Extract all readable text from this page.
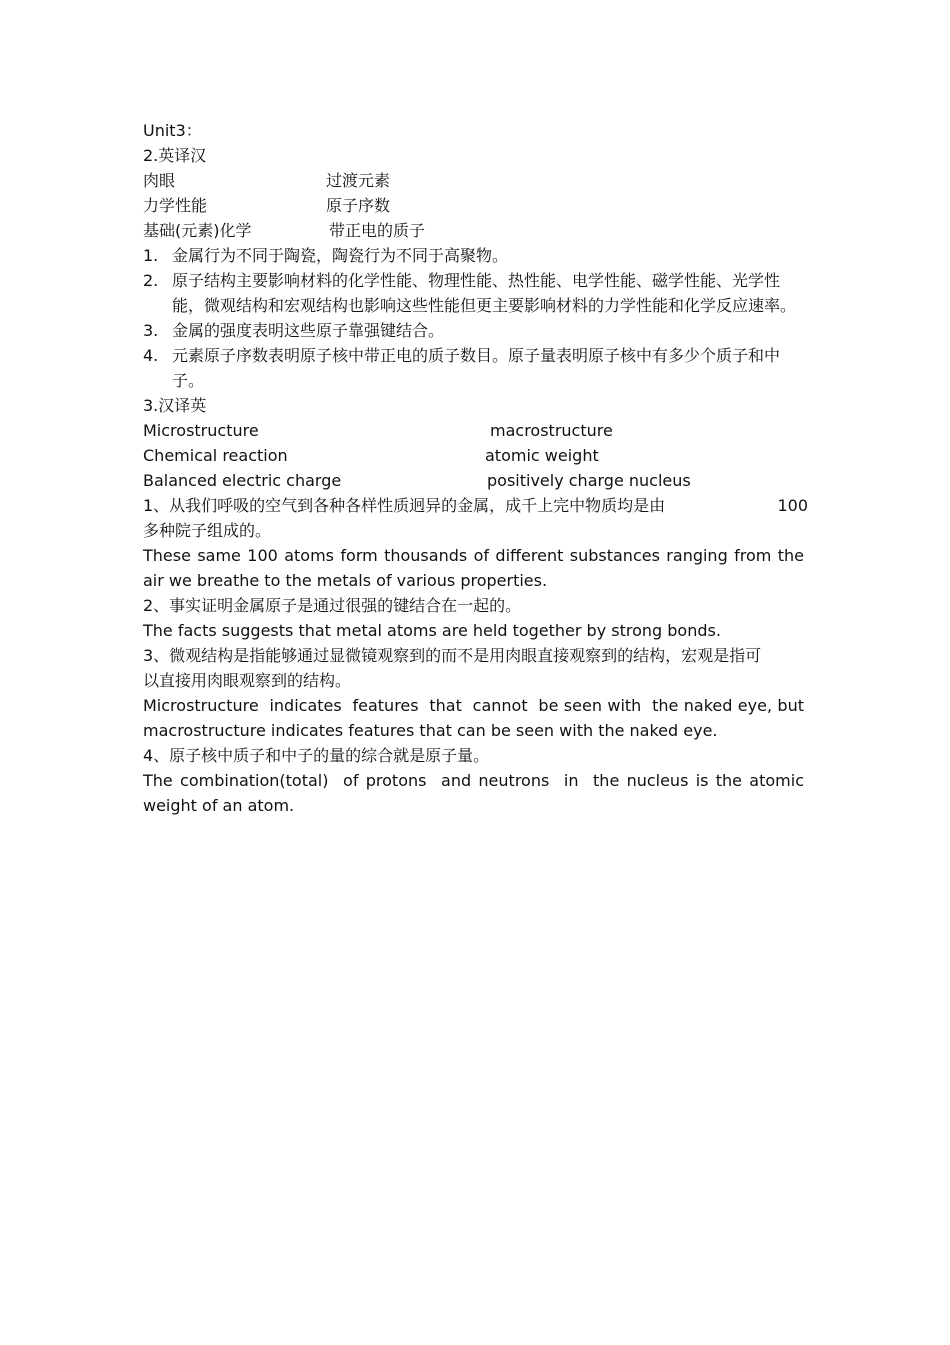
Unit3：
2.英译汉
肉眼	过渡元素
力学性能	原子序数
基础(元素)化学	带正电的质子
1. 金属行为不同于陶瓷，陶瓷行为不同于高聚物。
2. 原子结构主要影响材料的化学性能、物理性能、热性能、电学性能、磁学性能、光学性能，微观结构和宏观结构也影响这些性能但更主要影响材料的力学性能和化学反应速率。
3. 金属的强度表明这些原子靠强键结合。
4. 元素原子序数表明原子核中带正电的质子数目。原子量表明原子核中有多少个质子和中子。
3.汉译英
Microstructure	macrostructure
Chemical reaction	atomic weight
Balanced electric charge	positively charge nucleus
1、从我们呼吸的空气到各种各样性质迥异的金属，成千上完中物质均是由	100
多种院子组成的。
These same 100 atoms form thousands of different substances ranging from the air we breathe to the metals of various properties.
2、事实证明金属原子是通过很强的键结合在一起的。
The facts suggests that metal atoms are held together by strong bonds.
3、微观结构是指能够通过显微镜观察到的而不是用肉眼直接观察到的结构，宏观是指可以直接用肉眼观察到的结构。
Microstructure  indicates  features  that  cannot  be seen with  the naked eye, but macrostructure indicates features that can be seen with the naked eye.
4、原子核中质子和中子的量的综合就是原子量。
The combination(total)  of protons  and neutrons  in  the nucleus is the atomic weight of an atom.
